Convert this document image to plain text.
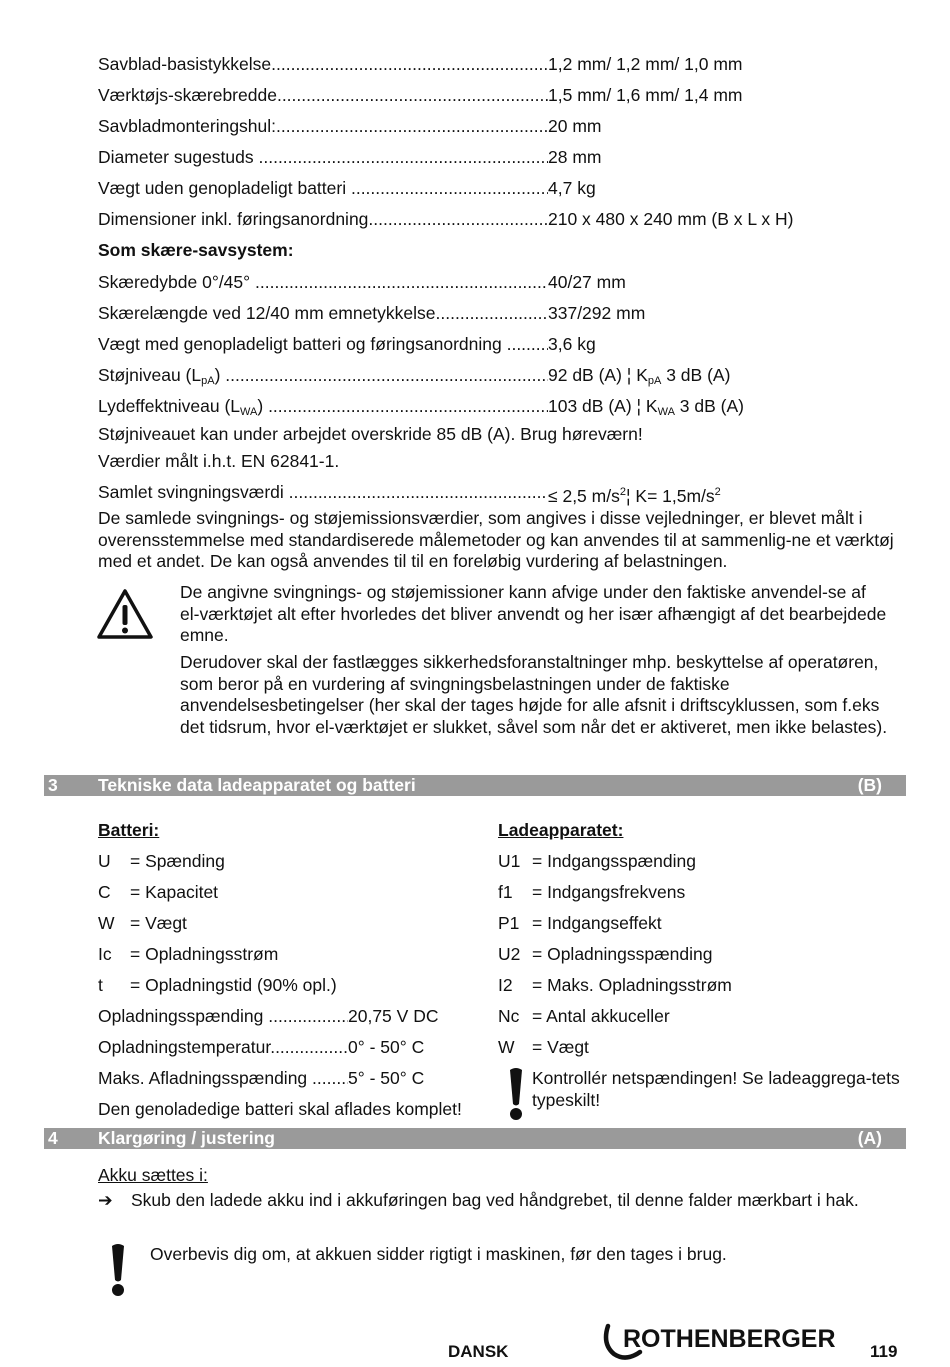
Savblad-basistykkelse .....	1,2 mm/ 1,2 mm/ 1,0 mm
Værktøjs-skærebredde .....	1,5 mm/ 1,6 mm/ 1,4 mm
Savbladmonteringshul: .....	20 mm
Diameter sugestuds .....	28 mm
Vægt uden genopladeligt batteri .....	4,7 kg
Dimensioner inkl. føringsanordning .....	210 x 480 x 240 mm (B x L x H)
Som skære-savsystem:
Skæredybde 0°/45° .....	40/27 mm
Skærelængde ved 12/40 mm emnetykkelse .....	337/292 mm
Vægt med genopladeligt batteri og føringsanordning .....	3,6 kg
Støjniveau $(L_{pA})$ .....	92 dB (A) ¦ $K_{pA}$ 3 dB (A)
Lydeffektniveau $(L_{WA})$ .....	103 dB (A) ¦ $K_{WA}$ 3 dB (A)
Støjniveauet kan under arbejdet overskride 85 dB (A). Brug høreværn!
Værdier målt i.h.t. EN 62841-1.
Samlet svingningsværdi .....	≤ 2,5 $m/s^2¦$ $K= 1,5m/s^2$
De samlede svingnings- og støjemissionsværdier, som angives i disse vejledninger, er blevet målt i overensstemmelse med standardiserede målemetoder og kan anvendes til at sammenlig-ne et værktøj med et andet. De kan også anvendes til til en foreløbig vurdering af belastningen.
De angivne svingnings- og støjemissioner kann afvige under den faktiske anvendel-se af el-værktøjet alt efter hvorledes det bliver anvendt og her især afhængigt af det bearbejdede emne.
Derudover skal der fastlægges sikkerhedsforanstaltninger mhp. beskyttelse af operatøren, som beror på en vurdering af svingningsbelastningen under de faktiske anvendelsesbetingelser (her skal der tages højde for alle afsnit i driftscyklussen, som f.eks det tidsrum, hvor el-værktøjet er slukket, såvel som når det er aktiveret, men ikke belastes).
3 Tekniske data ladeapparatet og batteri	(B)
Batteri:	Ladeapparatet:
U = Spænding
C = Kapacitet
W = Vægt
Ic = Opladningsstrøm
t = Opladningstid (90% opl.)
Opladningsspænding .....	20,75 V DC
Opladningstemperatur .....	0° - 50° C
Maks. Afladningsspænding .....	5° - 50° C
Den genoladedige batteri skal aflades komplet!
U1 = Indgangsspænding
f1 = Indgangsfrekvens
P1 = Indgangseffekt
U2 = Opladningsspænding
I2 = Maks. Opladningsstrøm
Nc = Antal akkuceller
W = Vægt
Kontrollér netspændingen! Se ladeaggrega-tets typeskilt!
4 Klargøring / justering	(A)
Akku sættes i:
➔ Skub den ladede akku ind i akkuføringen bag ved håndgrebet, til denne falder mærkbart i hak.
Overbevis dig om, at akkuen sidder rigtigt i maskinen, før den tages i brug.
DANSK	ROTHENBERGER 119
